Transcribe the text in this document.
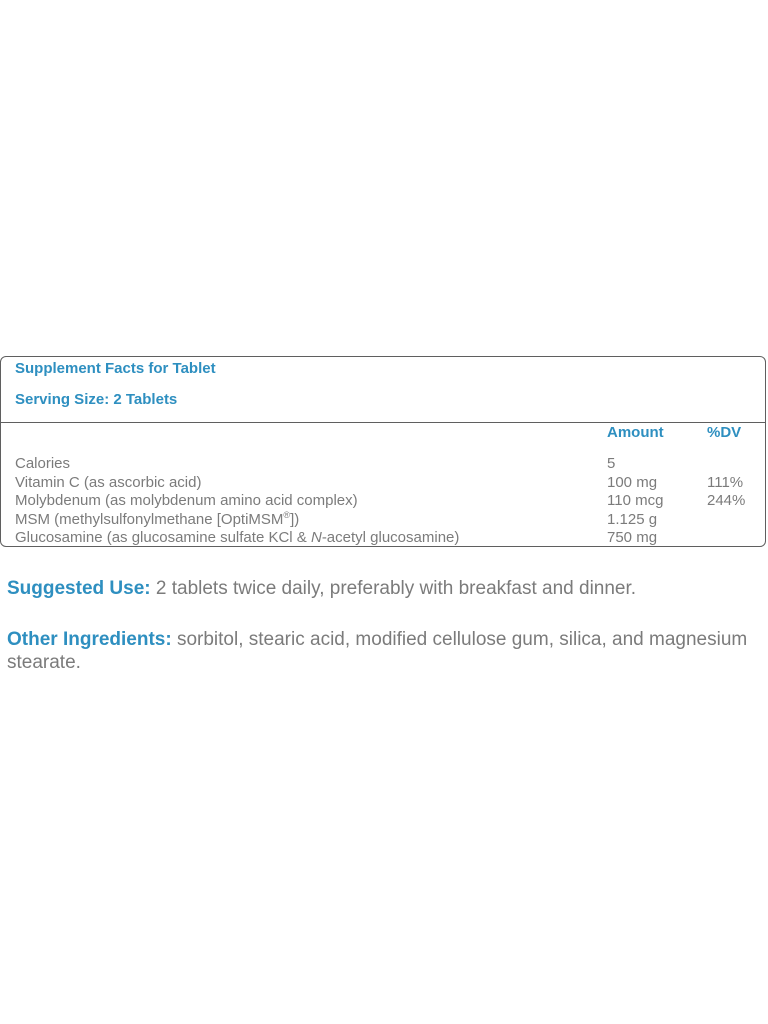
Supplement Facts for Tablet
Serving Size: 2 Tablets
Amount	%DV
Calories	5
Vitamin C (as ascorbic acid)	100 mg	111%
Molybdenum (as molybdenum amino acid complex)	110 mcg	244%
MSM (methylsulfonylmethane [OptiMSM®])	1.125 g
Glucosamine (as glucosamine sulfate KCl & N-acetyl glucosamine)	750 mg
Suggested Use: 2 tablets twice daily, preferably with breakfast and dinner.
Other Ingredients: sorbitol, stearic acid, modified cellulose gum, silica, and magnesium stearate.
